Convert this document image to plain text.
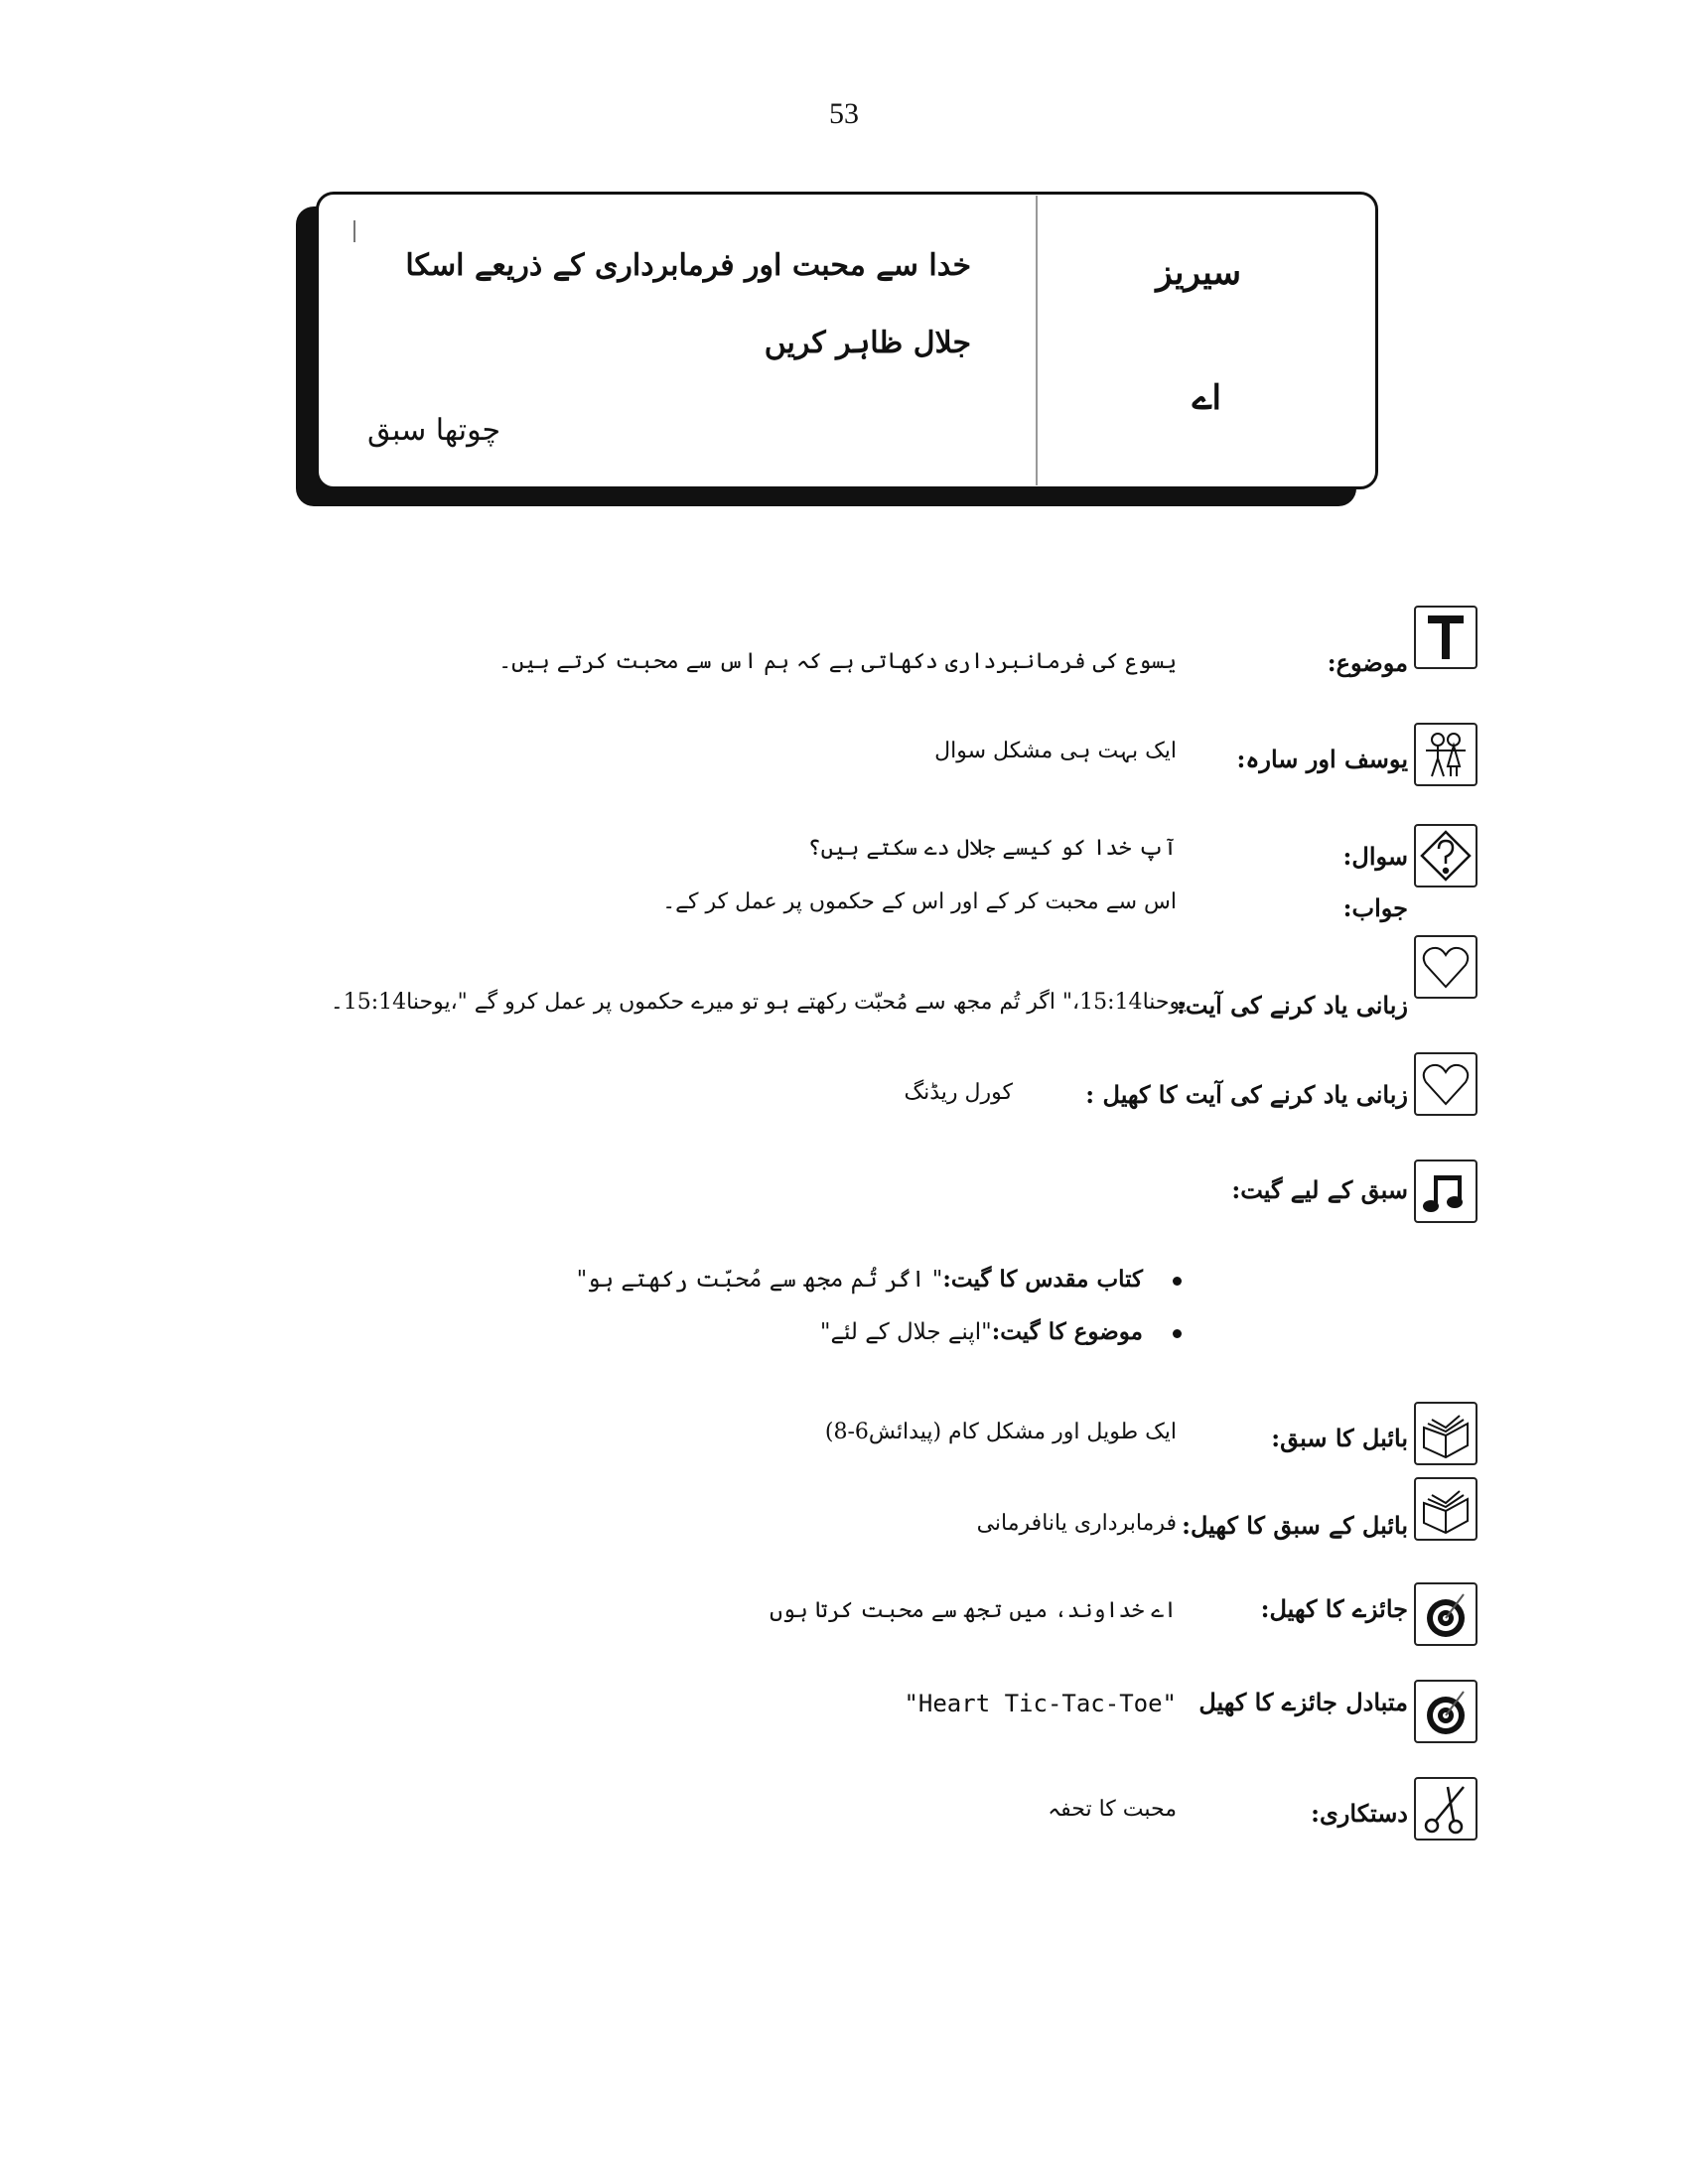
53
سیریز
اے
خدا سے محبت اور فرمابرداری کے ذریعے اسکا
جلال ظاہر کریں
چوتھا سبق
موضوع:
یسوع کی فرمانبرداری دکھاتی ہے کہ ہم اس سے محبت کرتے ہیں۔
یوسف اور سارہ:
ایک بہت ہی مشکل سوال
سوال:
آپ خدا کو کیسے جلال دے سکتے ہیں؟
جواب:
اس سے محبت کر کے اور اس کے حکموں پر عمل کر کے۔
زبانی یاد کرنے کی آیت:
یوحنا15:14،" اگر تُم مجھ سے مُحبّت رکھتے ہو تو میرے حکموں پر عمل کرو گے "،یوحنا15:14۔
زبانی یاد کرنے کی آیت کا کھیل :
کورل ریڈنگ
سبق کے لیے گیت:
کتاب مقدس کا گیت:" اگر تُم مجھ سے مُحبّت رکھتے ہو"
موضوع کا گیت:"اپنے جلال کے لئے"
بائبل کا سبق:
ایک طویل اور مشکل کام (پیدائش6-8)
بائبل کے سبق کا کھیل:
فرمابرداری یانافرمانی
جائزے کا کھیل:
اے خداوند، میں تجھ سے محبت کرتا ہوں
متبادل جائزے کا کھیل
"Heart Tic-Tac-Toe"
دستکاری:
محبت کا تحفہ
